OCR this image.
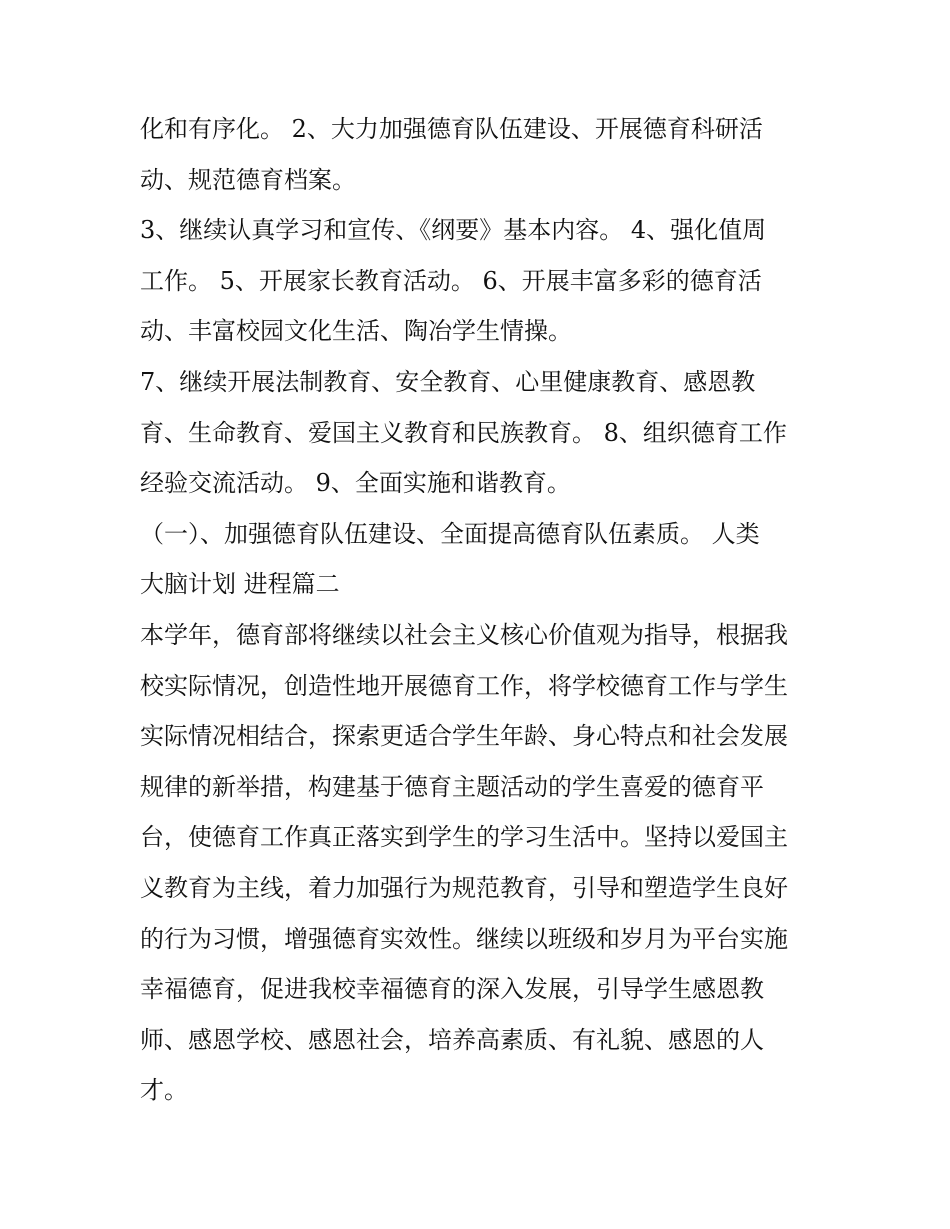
化和有序化。 2、大力加强德育队伍建设、开展德育科研活
动、规范德育档案。
3、继续认真学习和宣传、《纲要》基本内容。 4、强化值周
工作。 5、开展家长教育活动。 6、开展丰富多彩的德育活
动、丰富校园文化生活、陶冶学生情操。
7、继续开展法制教育、安全教育、心里健康教育、感恩教
育、生命教育、爱国主义教育和民族教育。 8、组织德育工作
经验交流活动。 9、全面实施和谐教育。
（一）、加强德育队伍建设、全面提高德育队伍素质。 人类
大脑计划 进程篇二
本学年，德育部将继续以社会主义核心价值观为指导，根据我
校实际情况，创造性地开展德育工作，将学校德育工作与学生
实际情况相结合，探索更适合学生年龄、身心特点和社会发展
规律的新举措，构建基于德育主题活动的学生喜爱的德育平
台，使德育工作真正落实到学生的学习生活中。坚持以爱国主
义教育为主线，着力加强行为规范教育，引导和塑造学生良好
的行为习惯，增强德育实效性。继续以班级和岁月为平台实施
幸福德育，促进我校幸福德育的深入发展，引导学生感恩教
师、感恩学校、感恩社会，培养高素质、有礼貌、感恩的人
才。
